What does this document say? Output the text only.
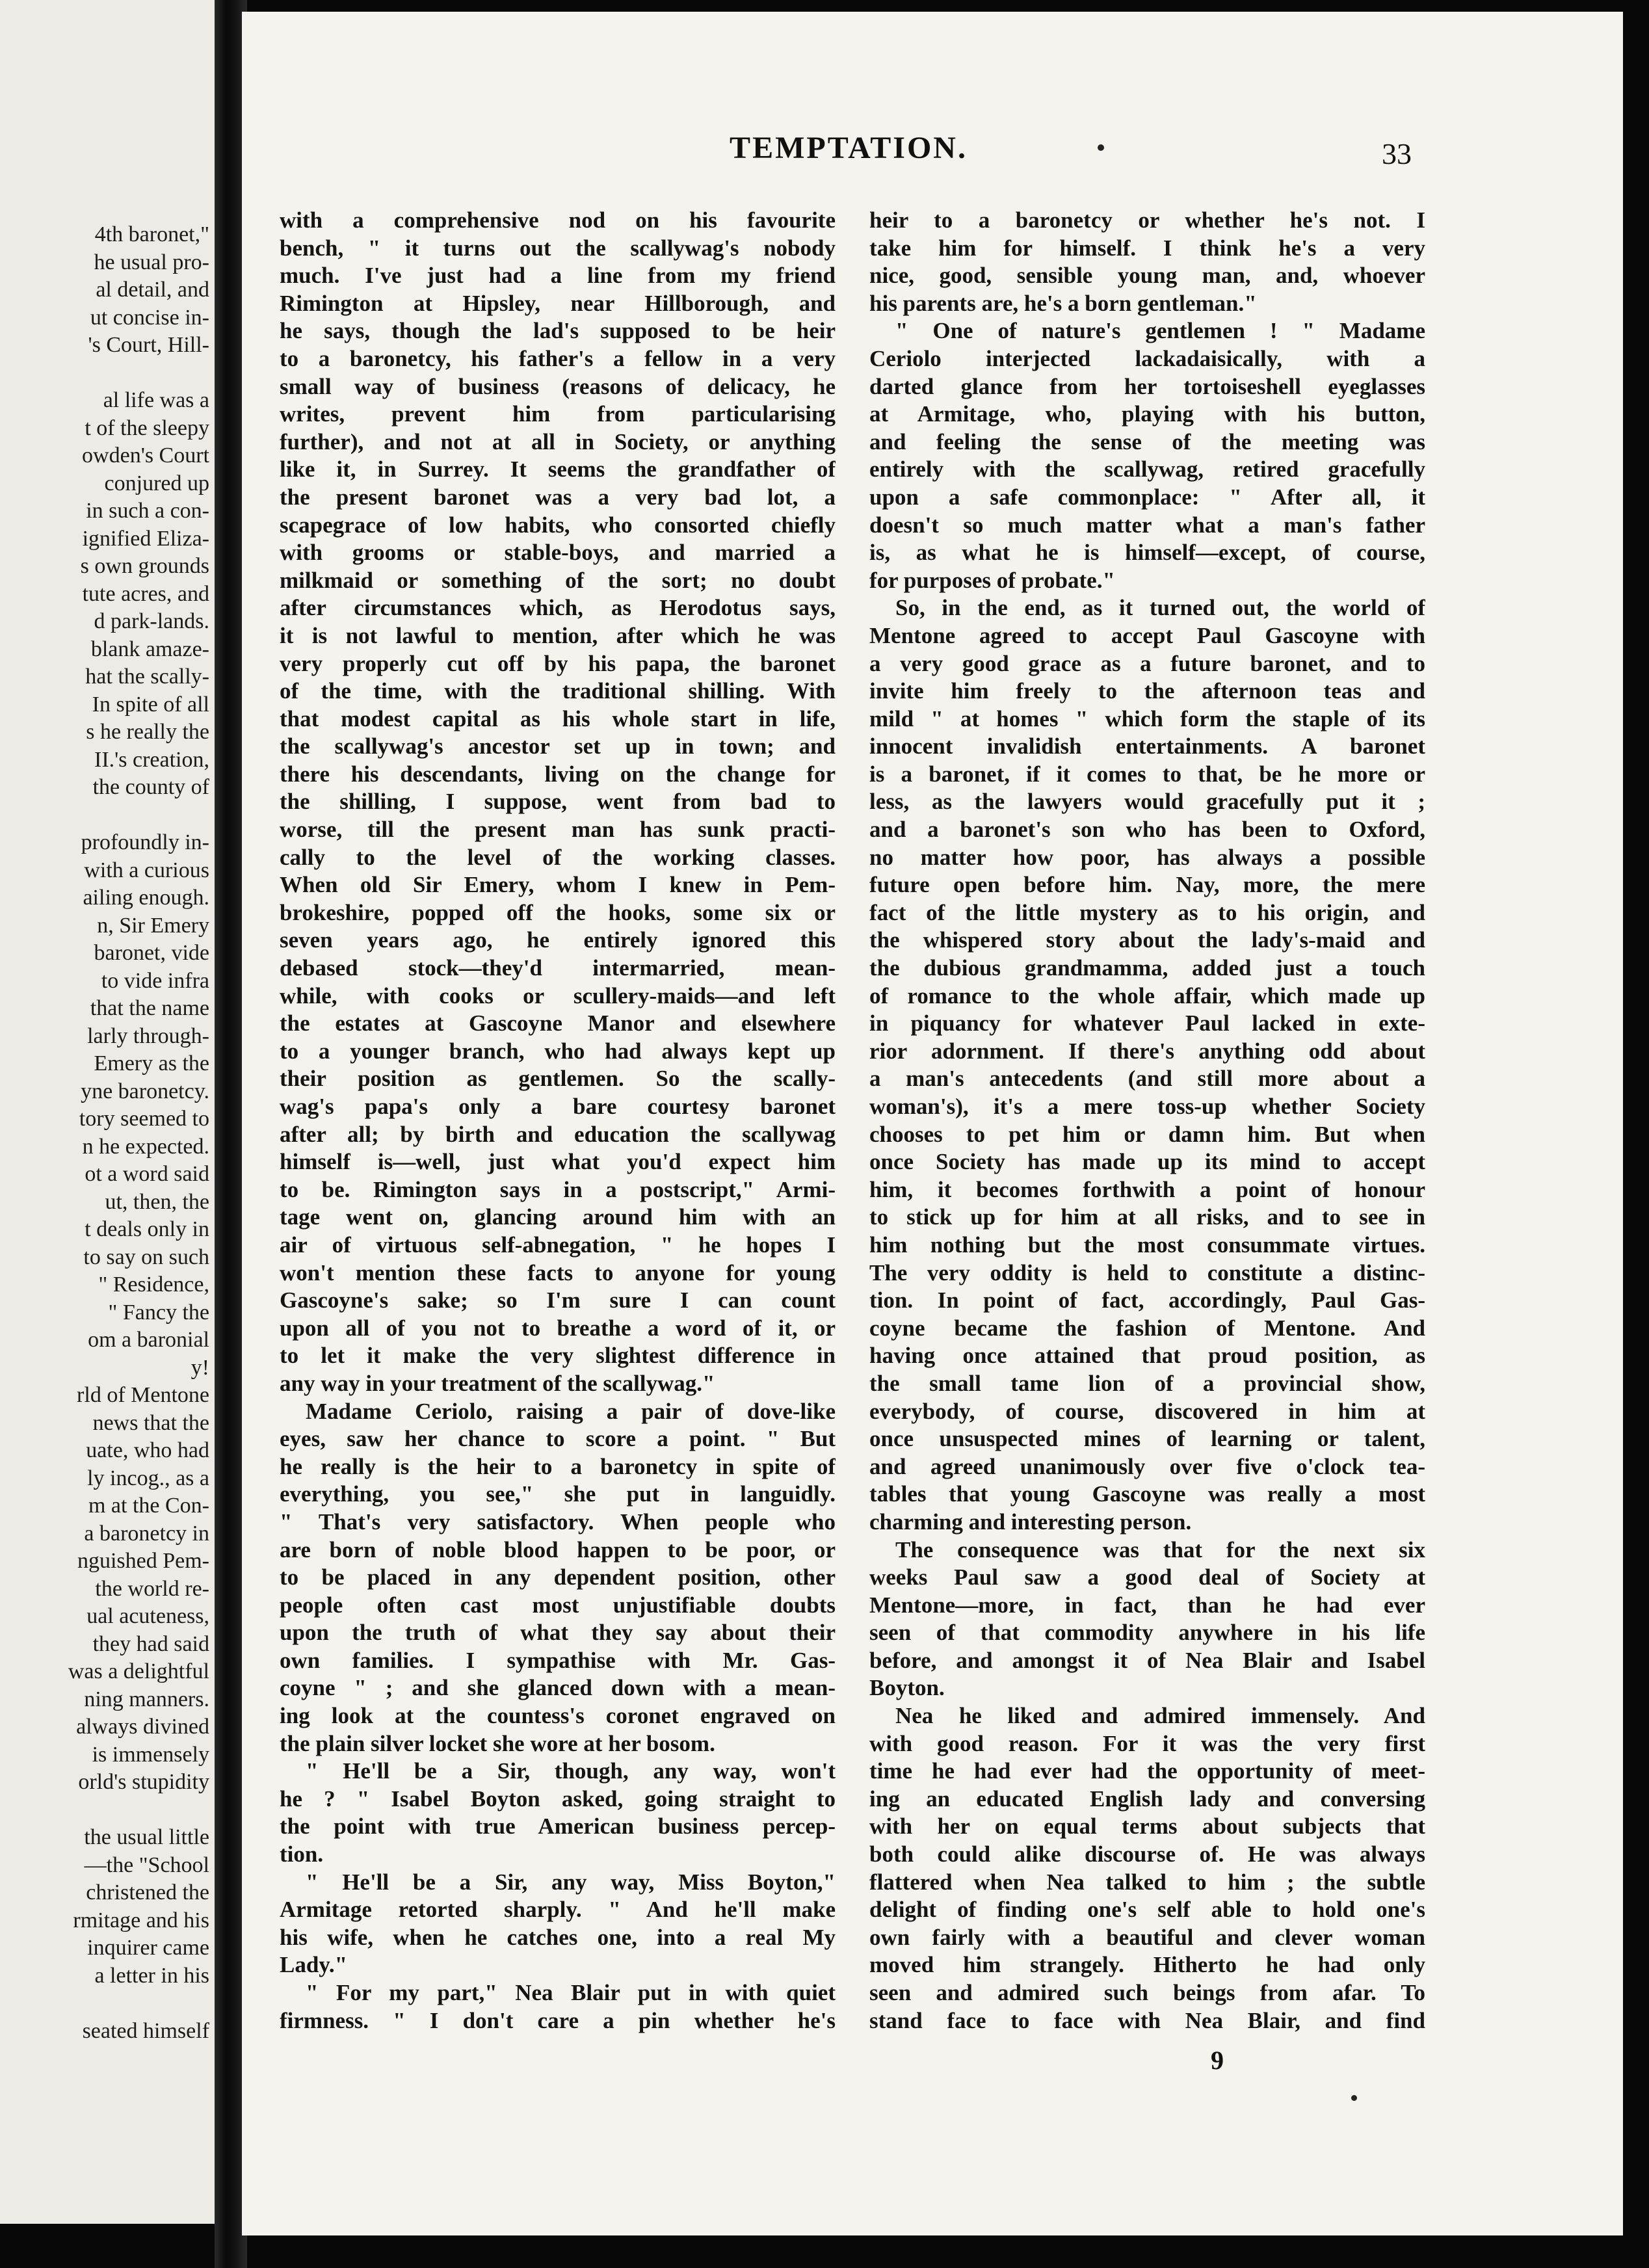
4th baronet,"
he usual pro-
al detail, and
ut concise in-
's Court, Hill-

al life was a
t of the sleepy
owden's Court
conjured up
in such a con-
ignified Eliza-
s own grounds
tute acres, and
d park-lands.
blank amaze-
hat the scally-
In spite of all
s he really the
II.'s creation,
the county of

profoundly in-
with a curious
ailing enough.
n, Sir Emery
baronet, vide
to vide infra
that the name
larly through-
Emery as the
yne baronetcy.
tory seemed to
n he expected.
ot a word said
ut, then, the
t deals only in
to say on such
" Residence,
" Fancy the
om a baronial
y!
rld of Mentone
news that the
uate, who had
ly incog., as a
m at the Con-
a baronetcy in
nguished Pem-
the world re-
ual acuteness,
they had said
was a delightful
ning manners.
always divined
is immensely
orld's stupidity

the usual little
—the "School
christened the
rmitage and his
inquirer came
a letter in his

seated himself
TEMPTATION.	33
with a comprehensive nod on his favourite
bench, " it turns out the scallywag's nobody
much. I've just had a line from my friend
Rimington at Hipsley, near Hillborough, and
he says, though the lad's supposed to be heir
to a baronetcy, his father's a fellow in a very
small way of business (reasons of delicacy, he
writes, prevent him from particularising
further), and not at all in Society, or anything
like it, in Surrey. It seems the grandfather of
the present baronet was a very bad lot, a
scapegrace of low habits, who consorted chiefly
with grooms or stable-boys, and married a
milkmaid or something of the sort; no doubt
after circumstances which, as Herodotus says,
it is not lawful to mention, after which he was
very properly cut off by his papa, the baronet
of the time, with the traditional shilling. With
that modest capital as his whole start in life,
the scallywag's ancestor set up in town; and
there his descendants, living on the change for
the shilling, I suppose, went from bad to
worse, till the present man has sunk practi-
cally to the level of the working classes.
When old Sir Emery, whom I knew in Pem-
brokeshire, popped off the hooks, some six or
seven years ago, he entirely ignored this
debased stock—they'd intermarried, mean-
while, with cooks or scullery-maids—and left
the estates at Gascoyne Manor and elsewhere
to a younger branch, who had always kept up
their position as gentlemen. So the scally-
wag's papa's only a bare courtesy baronet
after all; by birth and education the scallywag
himself is—well, just what you'd expect him
to be. Rimington says in a postscript," Armi-
tage went on, glancing around him with an
air of virtuous self-abnegation, " he hopes I
won't mention these facts to anyone for young
Gascoyne's sake; so I'm sure I can count
upon all of you not to breathe a word of it, or
to let it make the very slightest difference in
any way in your treatment of the scallywag."
Madame Ceriolo, raising a pair of dove-like
eyes, saw her chance to score a point. " But
he really is the heir to a baronetcy in spite of
everything, you see," she put in languidly.
" That's very satisfactory. When people who
are born of noble blood happen to be poor, or
to be placed in any dependent position, other
people often cast most unjustifiable doubts
upon the truth of what they say about their
own families. I sympathise with Mr. Gas-
coyne " ; and she glanced down with a mean-
ing look at the countess's coronet engraved on
the plain silver locket she wore at her bosom.
" He'll be a Sir, though, any way, won't
he ? " Isabel Boyton asked, going straight to
the point with true American business percep-
tion.
" He'll be a Sir, any way, Miss Boyton,"
Armitage retorted sharply. " And he'll make
his wife, when he catches one, into a real My
Lady."
" For my part," Nea Blair put in with quiet
firmness. " I don't care a pin whether he's
heir to a baronetcy or whether he's not. I
take him for himself. I think he's a very
nice, good, sensible young man, and, whoever
his parents are, he's a born gentleman."
" One of nature's gentlemen ! " Madame
Ceriolo interjected lackadaisically, with a
darted glance from her tortoiseshell eyeglasses
at Armitage, who, playing with his button,
and feeling the sense of the meeting was
entirely with the scallywag, retired gracefully
upon a safe commonplace: " After all, it
doesn't so much matter what a man's father
is, as what he is himself—except, of course,
for purposes of probate."
So, in the end, as it turned out, the world of
Mentone agreed to accept Paul Gascoyne with
a very good grace as a future baronet, and to
invite him freely to the afternoon teas and
mild " at homes " which form the staple of its
innocent invalidish entertainments. A baronet
is a baronet, if it comes to that, be he more or
less, as the lawyers would gracefully put it ;
and a baronet's son who has been to Oxford,
no matter how poor, has always a possible
future open before him. Nay, more, the mere
fact of the little mystery as to his origin, and
the whispered story about the lady's-maid and
the dubious grandmamma, added just a touch
of romance to the whole affair, which made up
in piquancy for whatever Paul lacked in exte-
rior adornment. If there's anything odd about
a man's antecedents (and still more about a
woman's), it's a mere toss-up whether Society
chooses to pet him or damn him. But when
once Society has made up its mind to accept
him, it becomes forthwith a point of honour
to stick up for him at all risks, and to see in
him nothing but the most consummate virtues.
The very oddity is held to constitute a distinc-
tion. In point of fact, accordingly, Paul Gas-
coyne became the fashion of Mentone. And
having once attained that proud position, as
the small tame lion of a provincial show,
everybody, of course, discovered in him at
once unsuspected mines of learning or talent,
and agreed unanimously over five o'clock tea-
tables that young Gascoyne was really a most
charming and interesting person.
The consequence was that for the next six
weeks Paul saw a good deal of Society at
Mentone—more, in fact, than he had ever
seen of that commodity anywhere in his life
before, and amongst it of Nea Blair and Isabel
Boyton.
Nea he liked and admired immensely. And
with good reason. For it was the very first
time he had ever had the opportunity of meet-
ing an educated English lady and conversing
with her on equal terms about subjects that
both could alike discourse of. He was always
flattered when Nea talked to him ; the subtle
delight of finding one's self able to hold one's
own fairly with a beautiful and clever woman
moved him strangely. Hitherto he had only
seen and admired such beings from afar. To
stand face to face with Nea Blair, and find
9
